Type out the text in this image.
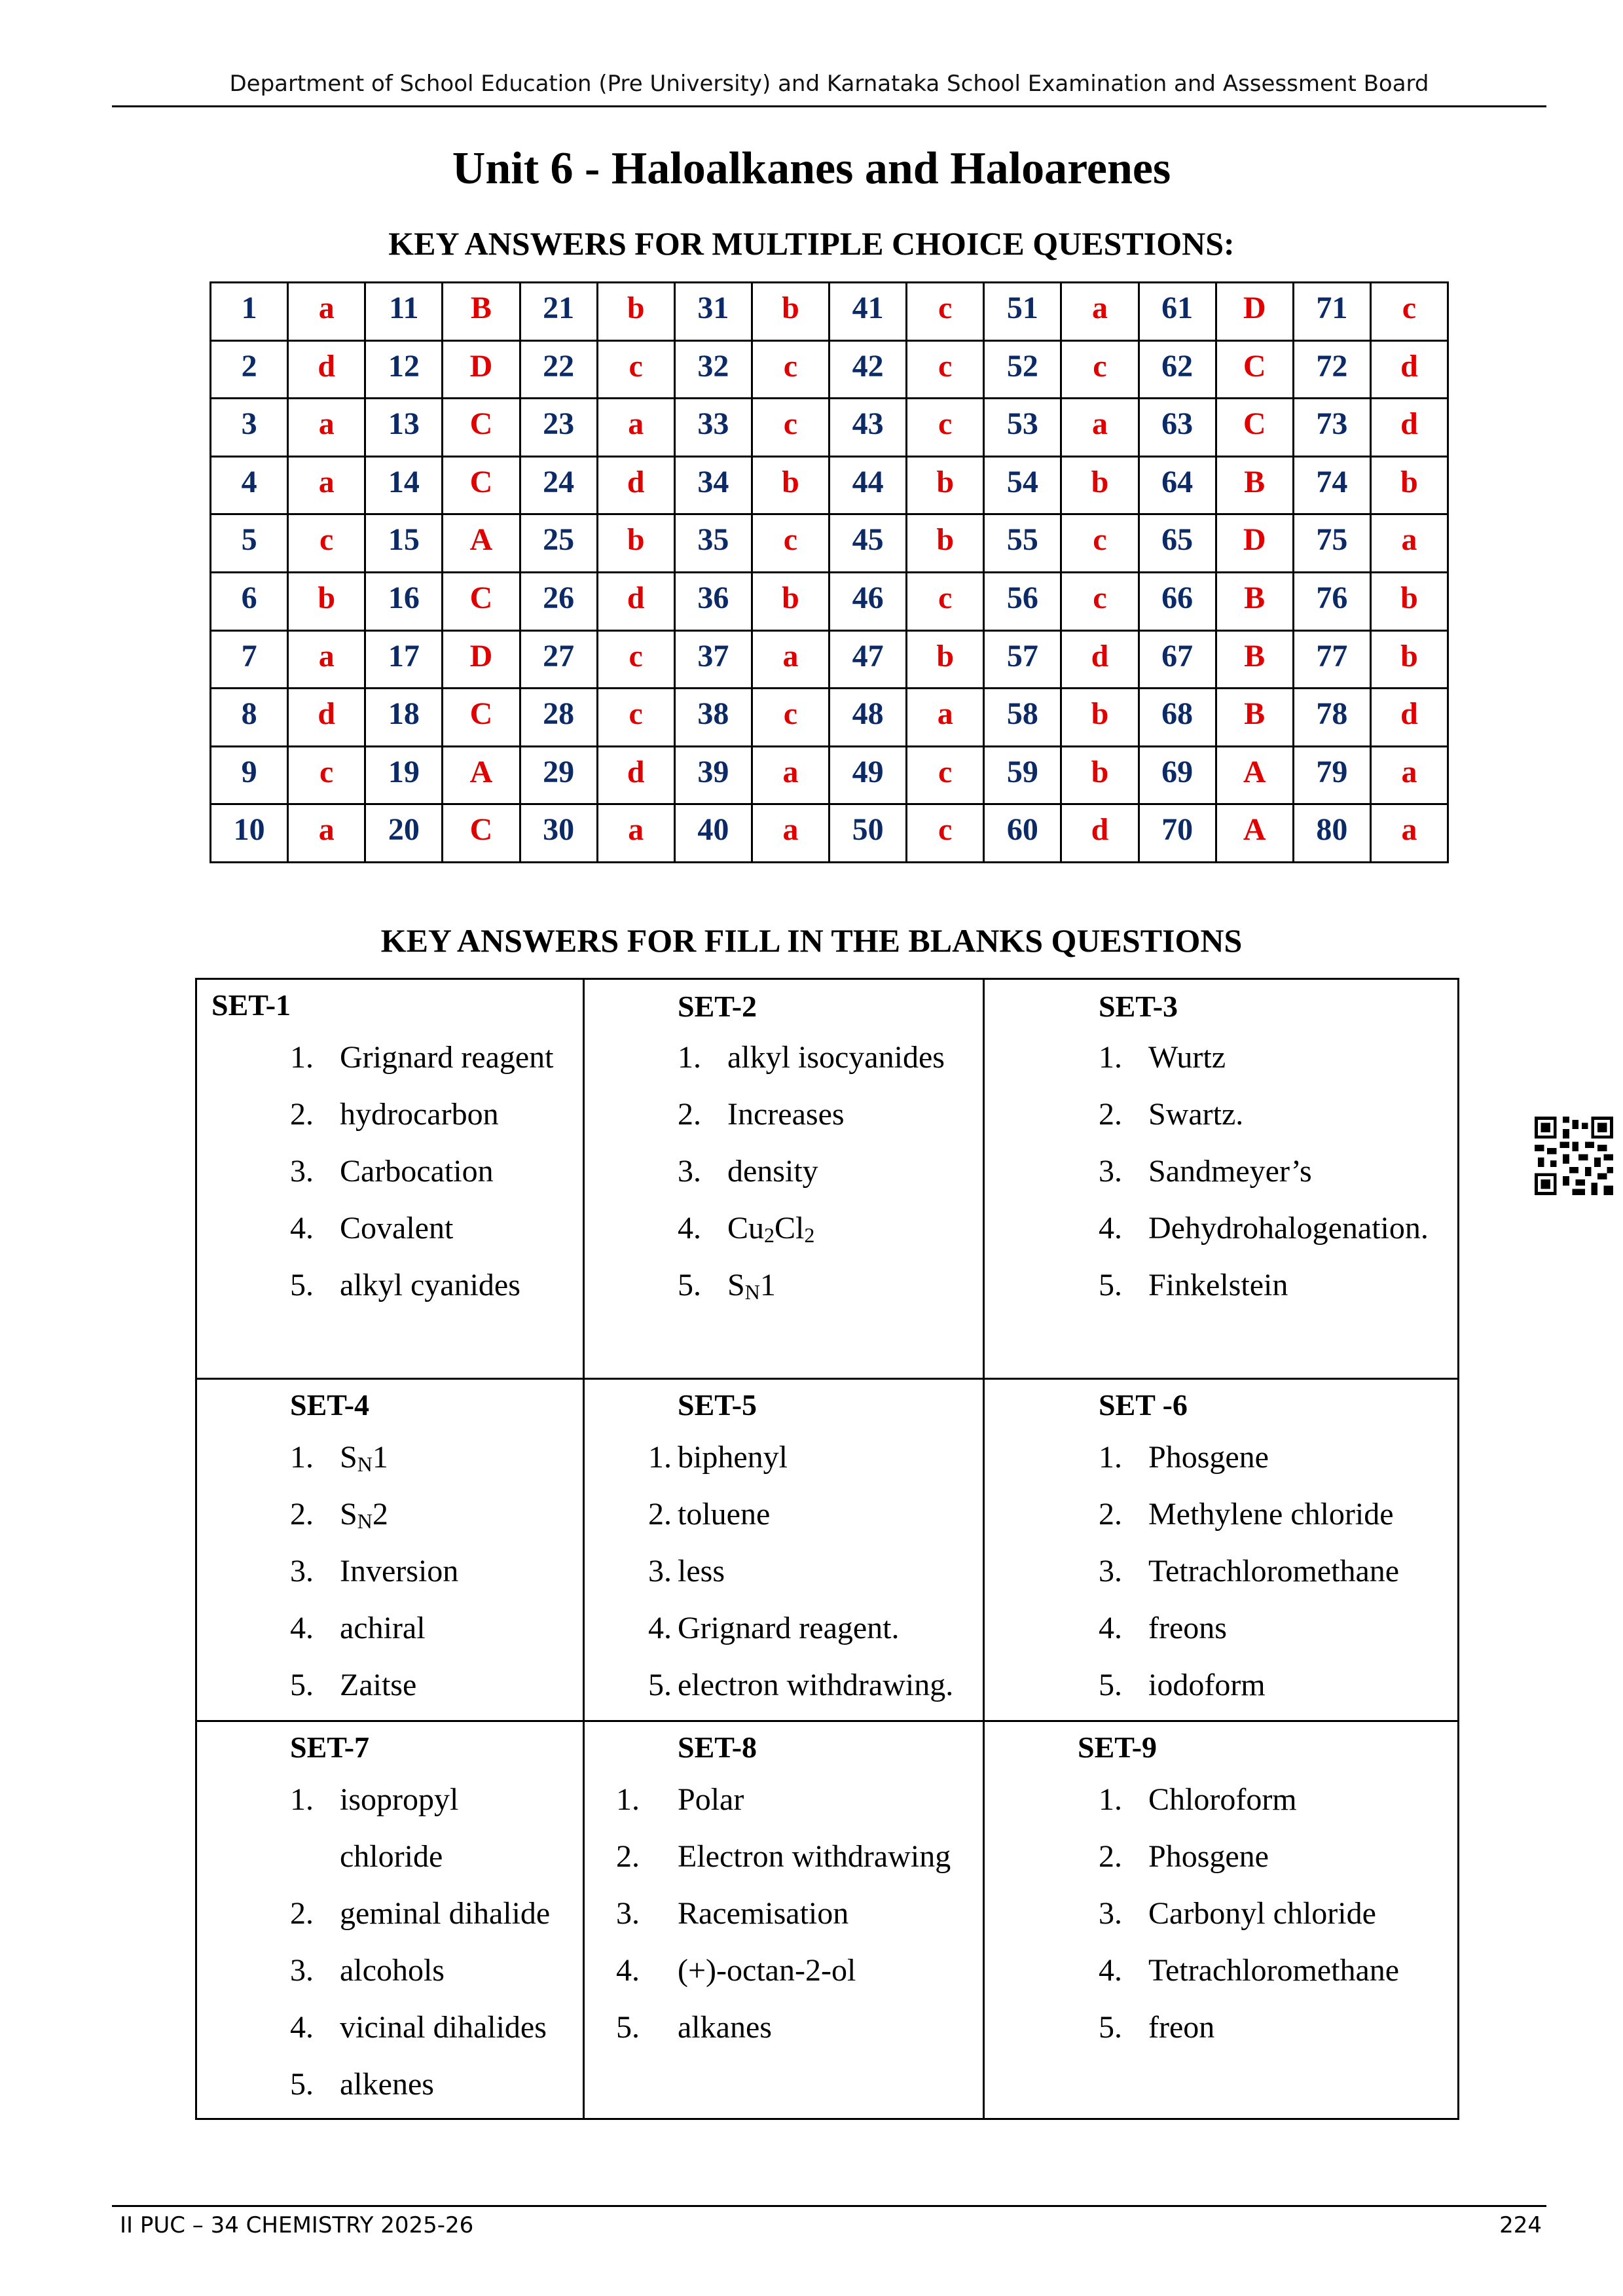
Department of School Education (Pre University) and Karnataka School Examination and Assessment Board
Unit 6 - Haloalkanes and Haloarenes
KEY ANSWERS FOR MULTIPLE CHOICE QUESTIONS:
1	a	11	B	21	b	31	b	41	c	51	a	61	D	71	c
2	d	12	D	22	c	32	c	42	c	52	c	62	C	72	d
3	a	13	C	23	a	33	c	43	c	53	a	63	C	73	d
4	a	14	C	24	d	34	b	44	b	54	b	64	B	74	b
5	c	15	A	25	b	35	c	45	b	55	c	65	D	75	a
6	b	16	C	26	d	36	b	46	c	56	c	66	B	76	b
7	a	17	D	27	c	37	a	47	b	57	d	67	B	77	b
8	d	18	C	28	c	38	c	48	a	58	b	68	B	78	d
9	c	19	A	29	d	39	a	49	c	59	b	69	A	79	a
10	a	20	C	30	a	40	a	50	c	60	d	70	A	80	a
KEY ANSWERS FOR FILL IN THE BLANKS QUESTIONS
SET-1
1. Grignard reagent
2. hydrocarbon
3. Carbocation
4. Covalent
5. alkyl cyanides
SET-2
1. alkyl isocyanides
2. Increases
3. density
4. $Cu_2Cl_2$
5. $S_N1$
SET-3
1. Wurtz
2. Swartz.
3. Sandmeyer’s
4. Dehydrohalogenation.
5. Finkelstein
SET-4
1. $S_N1$
2. $S_N2$
3. Inversion
4. achiral
5. Zaitse
SET-5
1. biphenyl
2. toluene
3. less
4. Grignard reagent.
5. electron withdrawing.
SET -6
1. Phosgene
2. Methylene chloride
3. Tetrachloromethane
4. freons
5. iodoform
SET-7
1. isopropyl chloride
2. geminal dihalide
3. alcohols
4. vicinal dihalides
5. alkenes
SET-8
1. Polar
2. Electron withdrawing
3. Racemisation
4. (+)-octan-2-ol
5. alkanes
SET-9
1. Chloroform
2. Phosgene
3. Carbonyl chloride
4. Tetrachloromethane
5. freon
II PUC – 34 CHEMISTRY 2025-26	224
